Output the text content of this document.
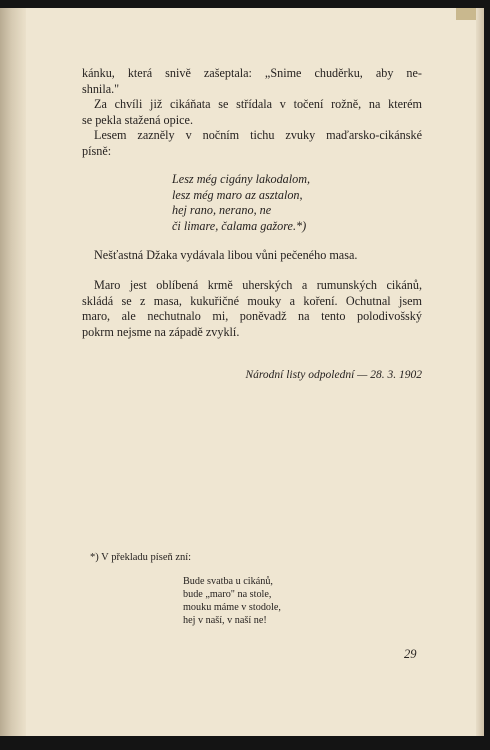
kánku, která snivě zašeptala: „Snime chuděrku, aby ne-
shnila."
Za chvíli již cikáňata se střídala v točení rožně, na kterém
se pekla stažená opice.
Lesem zazněly v nočním tichu zvuky maďarsko-cikánské
písně:
Lesz még cigány lakodalom,
lesz még maro az asztalon,
hej rano, nerano, ne
či limare, čalama gažore.*)
Nešťastná Džaka vydávala libou vůni pečeného masa.
Maro jest oblíbená krmě uherských a rumunských cikánů,
skládá se z masa, kukuřičné mouky a koření. Ochutnal jsem
maro, ale nechutnalo mi, poněvadž na tento polodivošský
pokrm nejsme na západě zvyklí.
Národní listy odpolední — 28. 3. 1902
*) V překladu píseň zní:
Bude svatba u cikánů,
bude „maro" na stole,
mouku máme v stodole,
hej v naší, v naší ne!
29
